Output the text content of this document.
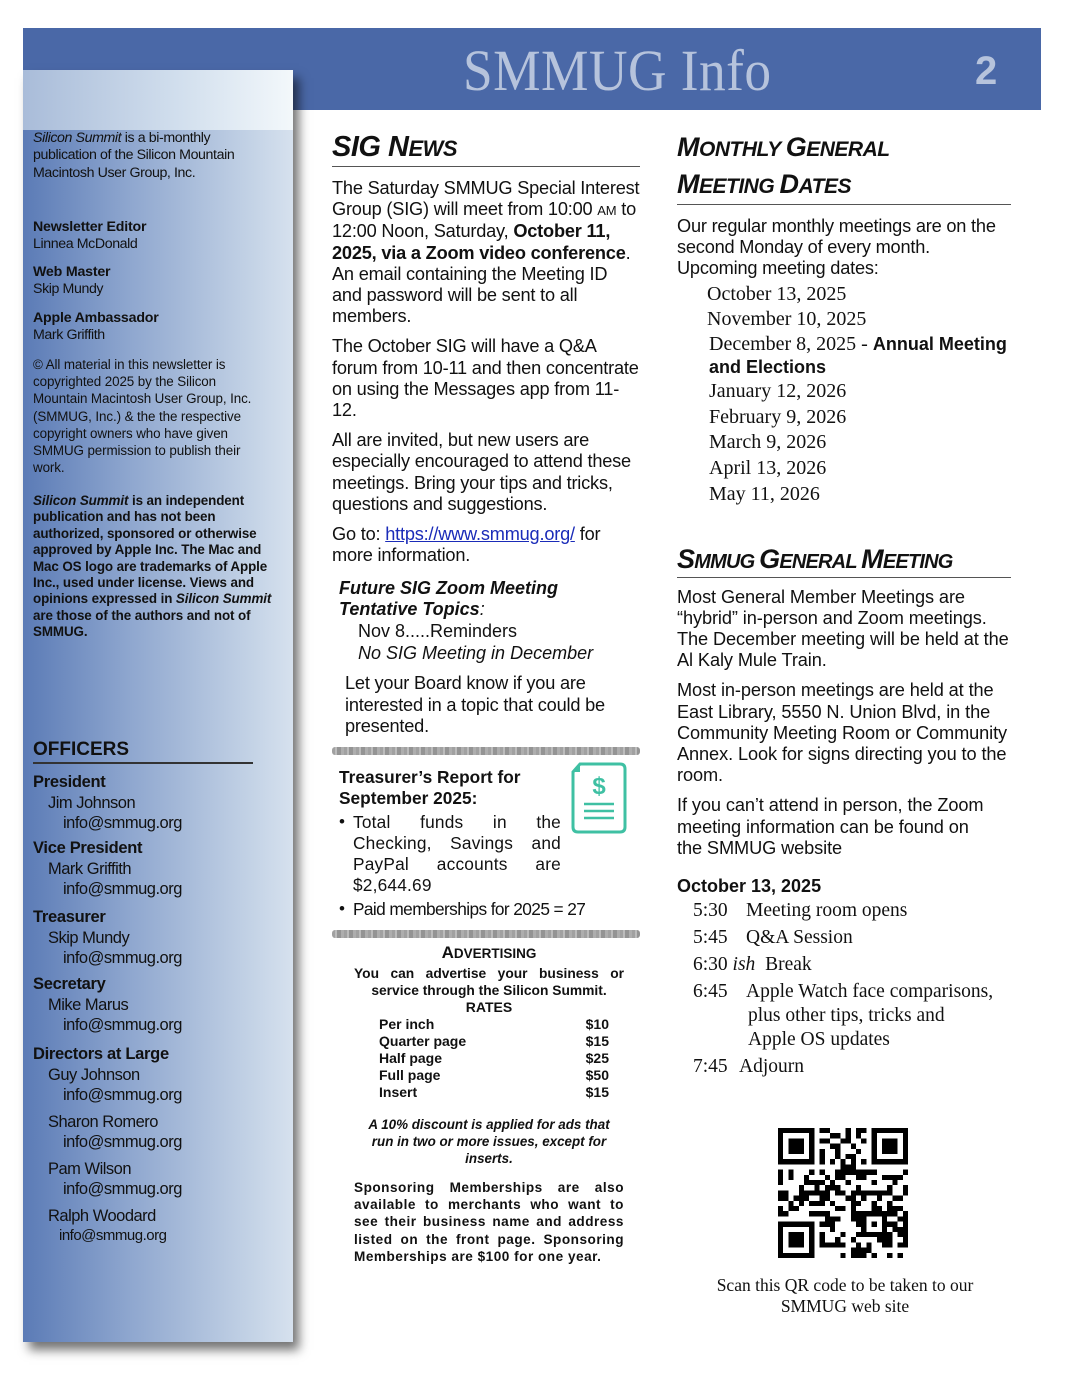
SMMUG Info	2

Silicon Summit is a bi-monthly publication of the Silicon Mountain Macintosh User Group, Inc.

Newsletter Editor

Linnea McDonald

Web Master

Skip Mundy

Apple Ambassador

Mark Griffith

© All material in this newsletter is copyrighted 2025 by the Silicon Mountain Macintosh User Group, Inc. (SMMUG, Inc.) & the the respective copyright owners who have given SMMUG permission to publish their work.
Silicon Summit is an independent publication and has not been authorized, sponsored or otherwise approved by Apple Inc. The Mac and Mac OS logo are trademarks of Apple Inc., used under license. Views and opinions expressed in Silicon Summit are those of the authors and not of SMMUG.
OFFICERS
President
Jim Johnson
info@smmug.org
Vice President
Mark Griffith
info@smmug.org
Treasurer
Skip Mundy
info@smmug.org
Secretary
Mike Marus
info@smmug.org
Directors at Large
Guy Johnson
info@smmug.org
Sharon Romero
info@smmug.org
Pam Wilson
info@smmug.org
Ralph Woodard
info@smmug.org
SIG NEWS

The Saturday SMMUG Special Interest Group (SIG) will meet from 10:00 AM to 12:00 Noon, Saturday, October 11, 2025, via a Zoom video conference. An email containing the Meeting ID and password will be sent to all members.

The October SIG will have a Q&A forum from 10-11 and then concentrate on using the Messages app from 11-12.

All are invited, but new users are especially encouraged to attend these meetings. Bring your tips and tricks, questions and suggestions.

Go to: https://www.smmug.org/ for more information.

Future SIG Zoom Meeting Tentative Topics:
Nov 8.....Reminders
No SIG Meeting in December

Let your Board know if you are interested in a topic that could be presented.

Treasurer’s Report for September 2025:	$
• Total funds in the Checking, Savings and PayPal accounts are $2,644.69
• Paid memberships for 2025 = 27
ADVERTISING
You can advertise your business or service through the Silicon Summit.
RATES
Per inch	$10
Quarter page	$15
Half page	$25
Full page	$50
Insert	$15
A 10% discount is applied for ads that run in two or more issues, except for inserts.
Sponsoring Memberships are also available to merchants who want to see their business name and address listed on the front page. Sponsoring Memberships are $100 for one year.
MONTHLY GENERAL
MEETING DATES

Our regular monthly meetings are on the second Monday of every month. Upcoming meeting dates:

October 13, 2025
November 10, 2025
December 8, 2025 - Annual Meeting and Elections
January 12, 2026
February 9, 2026
March 9, 2026
April 13, 2026
May 11, 2026
SMMUG GENERAL MEETING

Most General Member Meetings are “hybrid” in-person and Zoom meetings. The December meeting will be held at the Al Kaly Mule Train.

Most in-person meetings are held at the East Library, 5550 N. Union Blvd, in the Community Meeting Room or Community Annex. Look for signs directing you to the room.

If you can’t attend in person, the Zoom meeting information can be found on the SMMUG website

October 13, 2025
5:30 Meeting room opens
5:45 Q&A Session
6:30 ish Break
6:45 Apple Watch face comparisons,
plus other tips, tricks and
Apple OS updates
7:45 Adjourn
Scan this QR code to be taken to our SMMUG web site
